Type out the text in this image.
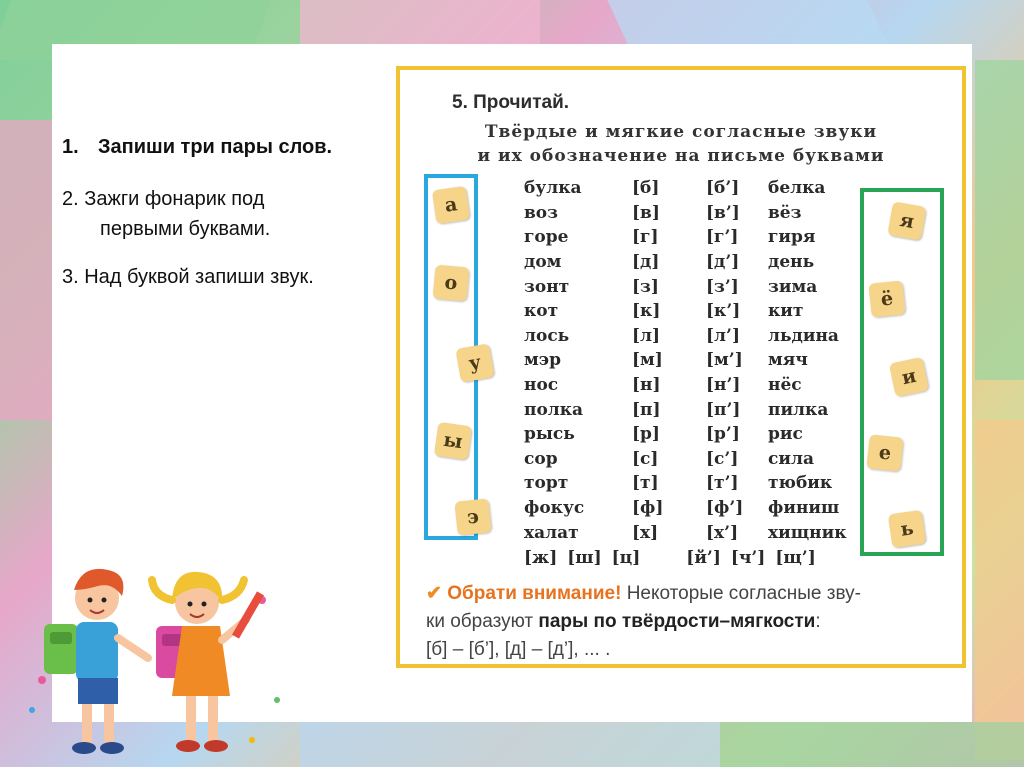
1. Запиши три пары слов.

2. Зажги фонарик под
первыми буквами.

3. Над буквой запиши звук.

5. Прочитай.
Твёрдые и мягкие согласные звуки
и их обозначение на письме буквами
а
о
у
ы
э
я
ё
и
е
ь
булка	[б]	[б’]	белка
воз	[в]	[в’]	вёз
горе	[г]	[г’]	гиря
дом	[д]	[д’]	день
зонт	[з]	[з’]	зима
кот	[к]	[к’]	кит
лось	[л]	[л’]	льдина
мэр	[м]	[м’]	мяч
нос	[н]	[н’]	нёс
полка	[п]	[п’]	пилка
рысь	[р]	[р’]	рис
сор	[с]	[с’]	сила
торт	[т]	[т’]	тюбик
фокус	[ф]	[ф’]	финиш
халат	[х]	[х’]	хищник
[ж] [ш] [ц]	[й’] [ч’] [щ’]
✔ Обрати внимание! Некоторые согласные зву-
ки образуют пары по твёрдости–мягкости:
[б] – [б’], [д] – [д’], ... .
